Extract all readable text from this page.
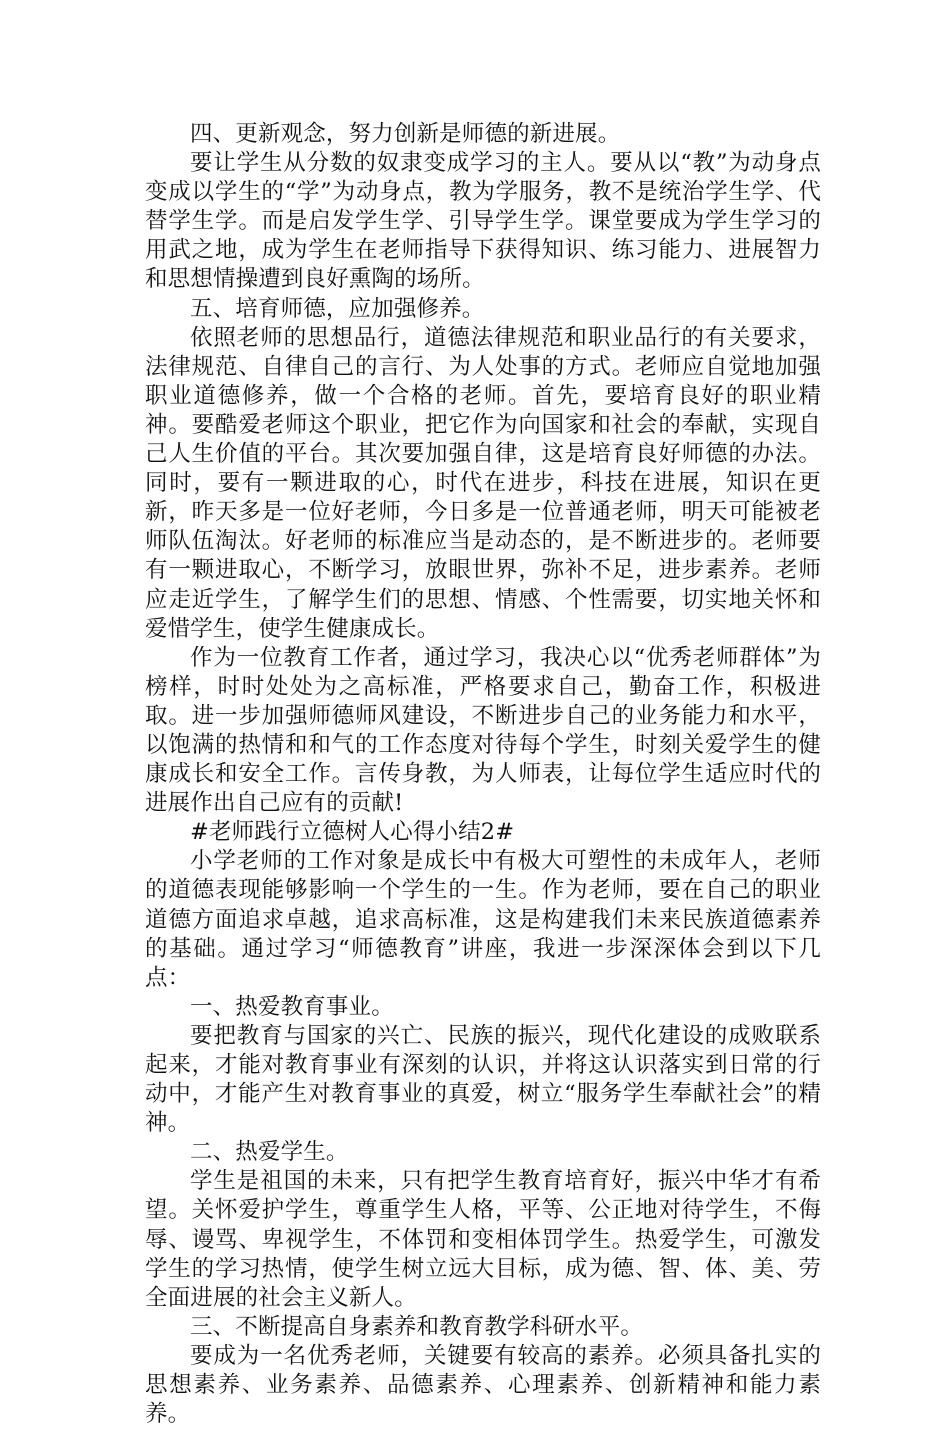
四、更新观念，努力创新是师德的新进展。

要让学生从分数的奴隶变成学习的主人。要从以“教”为动身点变成以学生的“学”为动身点，教为学服务，教不是统治学生学、代替学生学。而是启发学生学、引导学生学。课堂要成为学生学习的用武之地，成为学生在老师指导下获得知识、练习能力、进展智力和思想情操遭到良好熏陶的场所。

五、培育师德，应加强修养。

依照老师的思想品行，道德法律规范和职业品行的有关要求，法律规范、自律自己的言行、为人处事的方式。老师应自觉地加强职业道德修养，做一个合格的老师。首先，要培育良好的职业精神。要酷爱老师这个职业，把它作为向国家和社会的奉献，实现自己人生价值的平台。其次要加强自律，这是培育良好师德的办法。同时，要有一颗进取的心，时代在进步，科技在进展，知识在更新，昨天多是一位好老师，今日多是一位普通老师，明天可能被老师队伍淘汰。好老师的标准应当是动态的，是不断进步的。老师要有一颗进取心，不断学习，放眼世界，弥补不足，进步素养。老师应走近学生，了解学生们的思想、情感、个性需要，切实地关怀和爱惜学生，使学生健康成长。

作为一位教育工作者，通过学习，我决心以“优秀老师群体”为榜样，时时处处为之高标准，严格要求自己，勤奋工作，积极进取。进一步加强师德师风建设，不断进步自己的业务能力和水平，以饱满的热情和和气的工作态度对待每个学生，时刻关爱学生的健康成长和安全工作。言传身教，为人师表，让每位学生适应时代的进展作出自己应有的贡献!

#老师践行立德树人心得小结2#

小学老师的工作对象是成长中有极大可塑性的未成年人，老师的道德表现能够影响一个学生的一生。作为老师，要在自己的职业道德方面追求卓越，追求高标准，这是构建我们未来民族道德素养的基础。通过学习“师德教育”讲座，我进一步深深体会到以下几点：

一、热爱教育事业。

要把教育与国家的兴亡、民族的振兴，现代化建设的成败联系起来，才能对教育事业有深刻的认识，并将这认识落实到日常的行动中，才能产生对教育事业的真爱，树立“服务学生奉献社会”的精神。

二、热爱学生。

学生是祖国的未来，只有把学生教育培育好，振兴中华才有希望。关怀爱护学生，尊重学生人格，平等、公正地对待学生，不侮辱、谩骂、卑视学生，不体罚和变相体罚学生。热爱学生，可激发学生的学习热情，使学生树立远大目标，成为德、智、体、美、劳全面进展的社会主义新人。

三、不断提高自身素养和教育教学科研水平。

要成为一名优秀老师，关键要有较高的素养。必须具备扎实的思想素养、业务素养、品德素养、心理素养、创新精神和能力素养。
